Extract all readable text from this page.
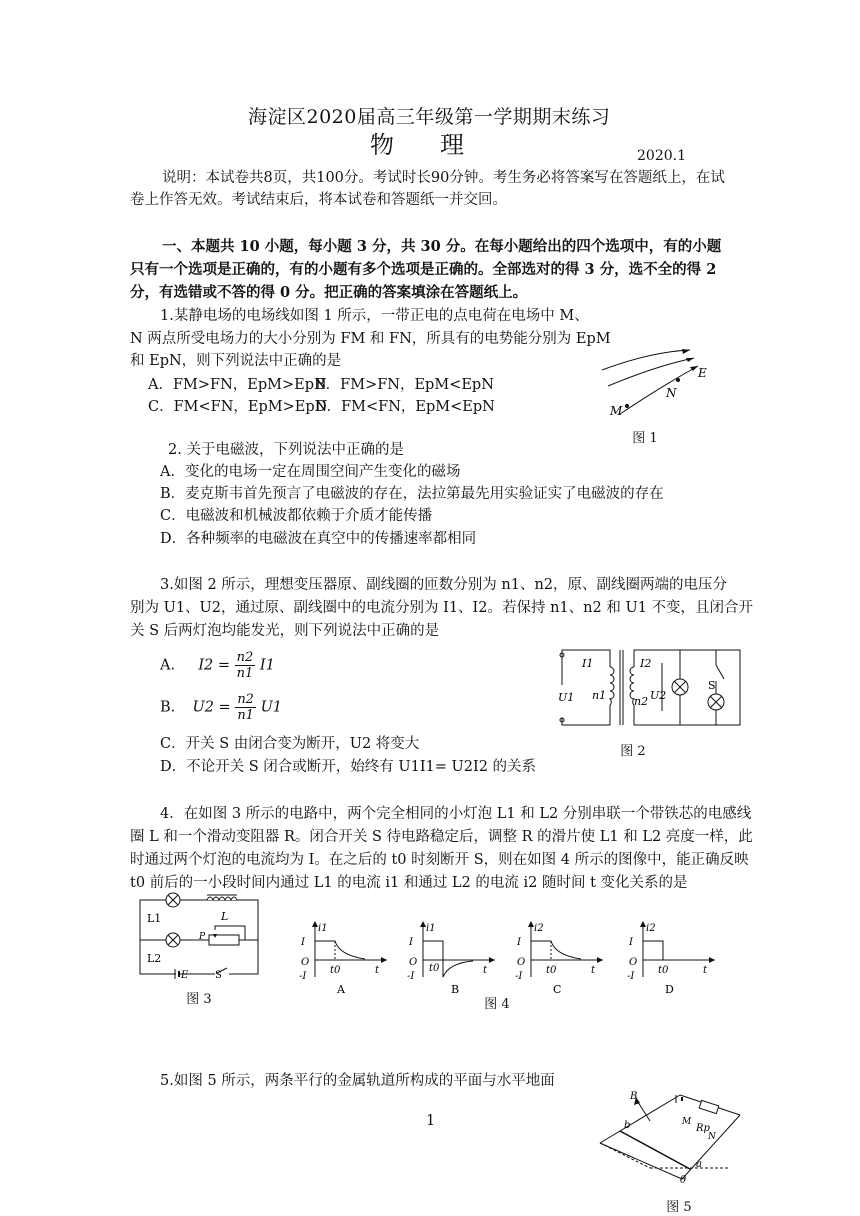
海淀区2020届高三年级第一学期期末练习
物理	2020.1
说明：本试卷共8页，共100分。考试时长90分钟。考生务必将答案写在答题纸上，在试
卷上作答无效。考试结束后，将本试卷和答题纸一并交回。
一、本题共 10 小题，每小题 3 分，共 30 分。在每小题给出的四个选项中，有的小题
只有一个选项是正确的，有的小题有多个选项是正确的。全部选对的得 3 分，选不全的得 2
分，有选错或不答的得 0 分。把正确的答案填涂在答题纸上。
1.某静电场的电场线如图 1 所示，一带正电的点电荷在电场中 M、
N 两点所受电场力的大小分别为 FM 和 FN，所具有的电势能分别为 EpM
和 EpN，则下列说法中正确的是
A．FM>FN，EpM>EpN
B．FM>FN，EpM<EpN
C．FM<FN，EpM>EpN
D．FM<FN，EpM<EpN
E
N
M
图 1
2. 关于电磁波，下列说法中正确的是
A．变化的电场一定在周围空间产生变化的磁场
B．麦克斯韦首先预言了电磁波的存在，法拉第最先用实验证实了电磁波的存在
C．电磁波和机械波都依赖于介质才能传播
D．各种频率的电磁波在真空中的传播速率都相同
3.如图 2 所示，理想变压器原、副线圈的匝数分别为 n1、n2，原、副线圈两端的电压分
别为 U1、U2，通过原、副线圈中的电流分别为 I1、I2。若保持 n1、n2 和 U1 不变，且闭合开
关 S 后两灯泡均能发光，则下列说法中正确的是
A. $I2 = \frac{n2}{n1} I1$
B. $U2 = \frac{n2}{n1} U1$
C．开关 S 由闭合变为断开，U2 将变大
D．不论开关 S 闭合或断开，始终有 U1I1= U2I2 的关系
I1	I2
U1	U2
n1	n2
S
图 2
4．在如图 3 所示的电路中，两个完全相同的小灯泡 L1 和 L2 分别串联一个带铁芯的电感线
圈 L 和一个滑动变阻器 R。闭合开关 S 待电路稳定后，调整 R 的滑片使 L1 和 L2 亮度一样，此
时通过两个灯泡的电流均为 I。在之后的 t0 时刻断开 S，则在如图 4 所示的图像中，能正确反映
t0 前后的一小段时间内通过 L1 的电流 i1 和通过 L2 的电流 i2 随时间 t 变化关系的是
L1	L
P
L2
E	S
图 3
i1
I
O
-I
t0	t
A
i1
I
O
-I
t0	t
B
i2
I
O
-I
t0	t
C
i2
I
O
-I
t0	t
D
图 4
5.如图 5 所示，两条平行的金属轨道所构成的平面与水平地面
1
B
b	M
Rp
N
a
θ
图 5
